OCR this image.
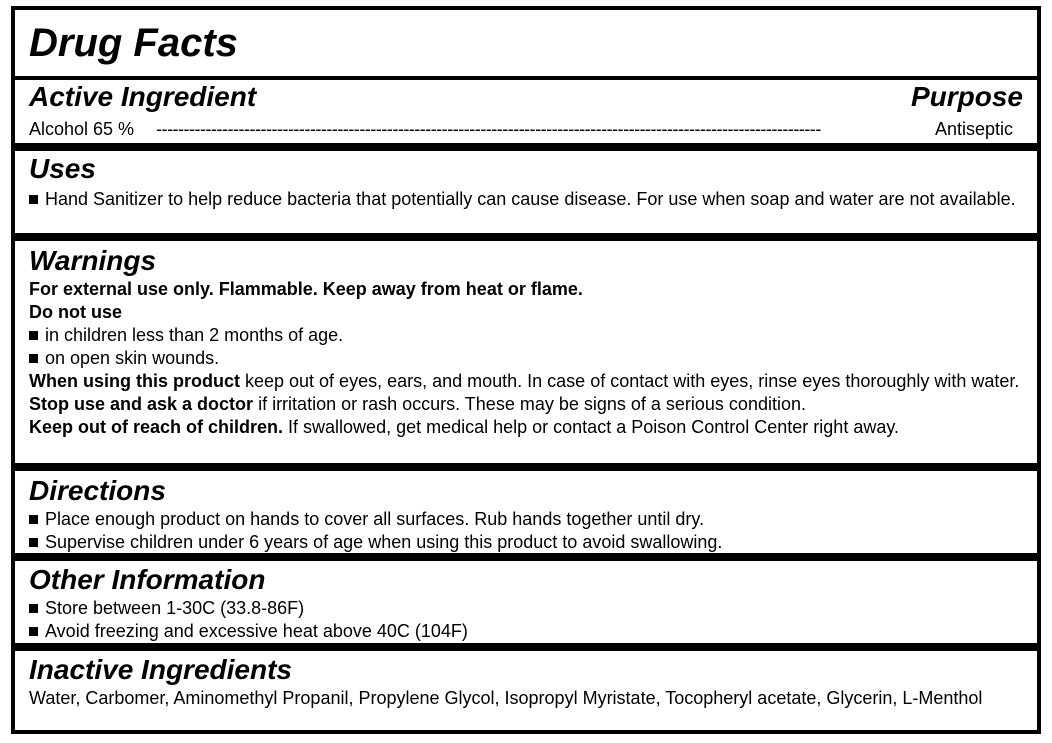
Drug Facts
Active Ingredient	Purpose
Alcohol 65 % -------------------------------------------------------------------------------------------------------------------------	Antiseptic
Uses
Hand Sanitizer to help reduce bacteria that potentially can cause disease. For use when soap and water are not available.
Warnings
For external use only. Flammable. Keep away from heat or flame.
Do not use
in children less than 2 months of age.
on open skin wounds.
When using this product keep out of eyes, ears, and mouth. In case of contact with eyes, rinse eyes thoroughly with water.
Stop use and ask a doctor if irritation or rash occurs. These may be signs of a serious condition.
Keep out of reach of children. If swallowed, get medical help or contact a Poison Control Center right away.
Directions
Place enough product on hands to cover all surfaces. Rub hands together until dry.
Supervise children under 6 years of age when using this product to avoid swallowing.
Other Information
Store between 1-30C (33.8-86F)
Avoid freezing and excessive heat above 40C (104F)
Inactive Ingredients
Water, Carbomer, Aminomethyl Propanil, Propylene Glycol, Isopropyl Myristate, Tocopheryl acetate, Glycerin, L-Menthol
